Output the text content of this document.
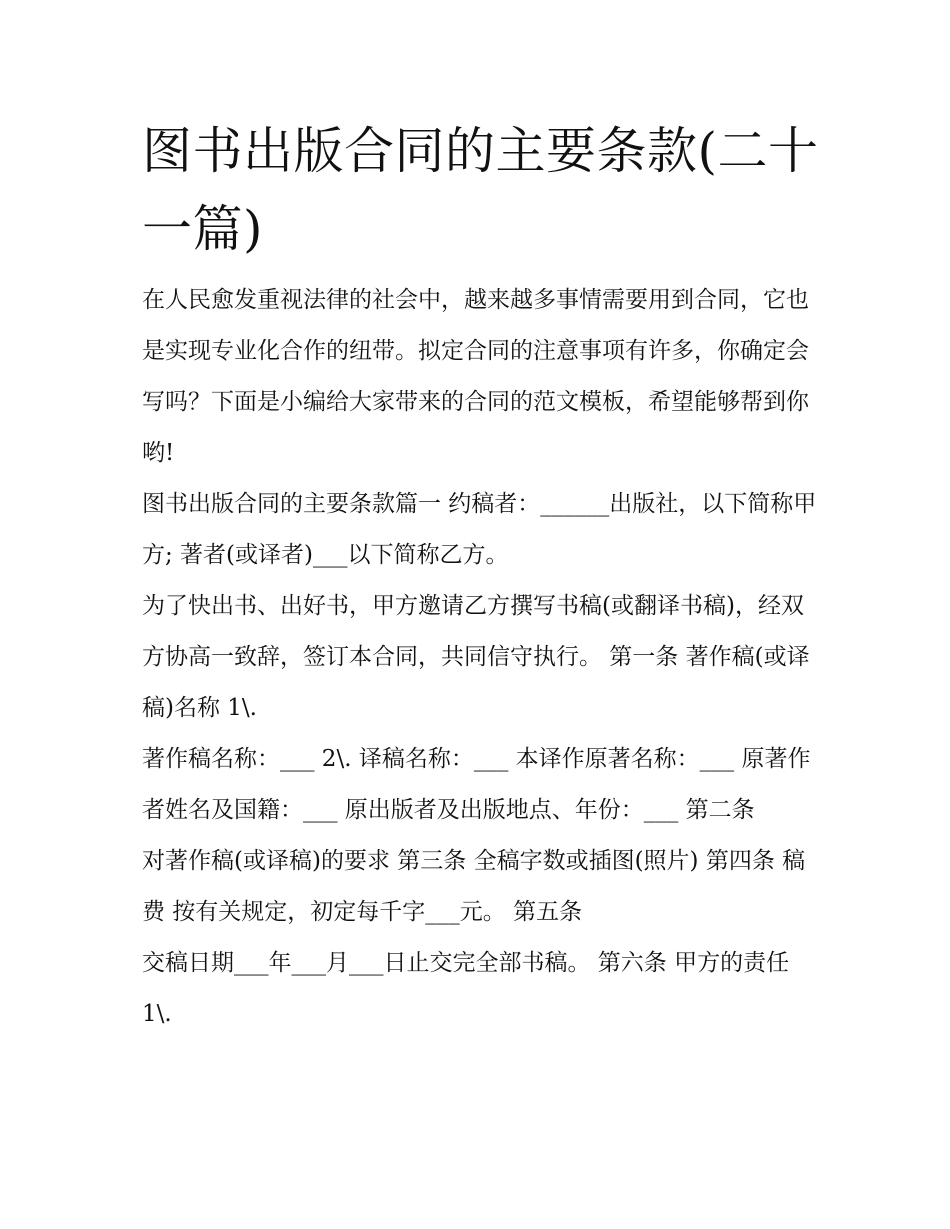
图书出版合同的主要条款(二十一篇)

在人民愈发重视法律的社会中，越来越多事情需要用到合同，它也是实现专业化合作的纽带。拟定合同的注意事项有许多，你确定会写吗？下面是小编给大家带来的合同的范文模板，希望能够帮到你哟!

图书出版合同的主要条款篇一 约稿者：______出版社，以下简称甲方; 著者(或译者)___以下简称乙方。

为了快出书、出好书，甲方邀请乙方撰写书稿(或翻译书稿)，经双方协高一致辞，签订本合同，共同信守执行。 第一条 著作稿(或译稿)名称 1\.

著作稿名称：___ 2\. 译稿名称：___ 本译作原著名称：___ 原著作者姓名及国籍：___ 原出版者及出版地点、年份：___ 第二条

对著作稿(或译稿)的要求 第三条 全稿字数或插图(照片) 第四条 稿费 按有关规定，初定每千字___元。 第五条

交稿日期___年___月___日止交完全部书稿。 第六条 甲方的责任 1\.
